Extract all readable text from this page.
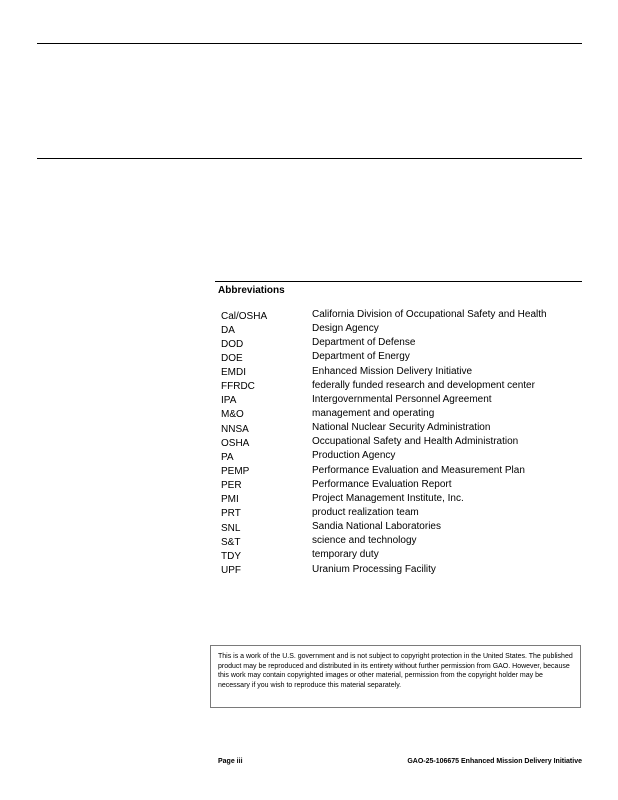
Abbreviations
Cal/OSHA	California Division of Occupational Safety and Health
DA	Design Agency
DOD	Department of Defense
DOE	Department of Energy
EMDI	Enhanced Mission Delivery Initiative
FFRDC	federally funded research and development center
IPA	Intergovernmental Personnel Agreement
M&O	management and operating
NNSA	National Nuclear Security Administration
OSHA	Occupational Safety and Health Administration
PA	Production Agency
PEMP	Performance Evaluation and Measurement Plan
PER	Performance Evaluation Report
PMI	Project Management Institute, Inc.
PRT	product realization team
SNL	Sandia National Laboratories
S&T	science and technology
TDY	temporary duty
UPF	Uranium Processing Facility
This is a work of the U.S. government and is not subject to copyright protection in the United States. The published product may be reproduced and distributed in its entirety without further permission from GAO. However, because this work may contain copyrighted images or other material, permission from the copyright holder may be necessary if you wish to reproduce this material separately.
Page iii	GAO-25-106675 Enhanced Mission Delivery Initiative
